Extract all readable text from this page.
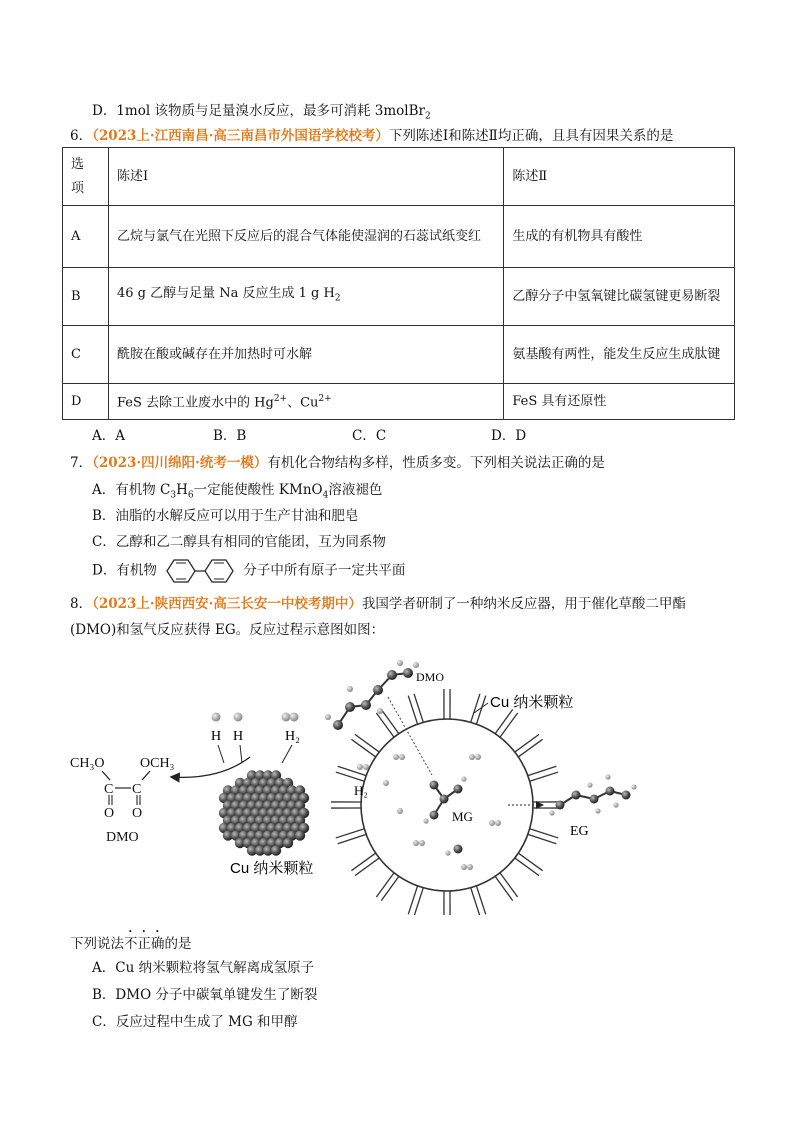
D．1mol 该物质与足量溴水反应，最多可消耗 3molBr$_2$
6．（2023上·江西南昌·高三南昌市外国语学校校考）下列陈述Ⅰ和陈述Ⅱ均正确，且具有因果关系的是
选项	陈述Ⅰ	陈述Ⅱ
A	乙烷与氯气在光照下反应后的混合气体能使湿润的石蕊试纸变红	生成的有机物具有酸性
B	46 g 乙醇与足量 Na 反应生成 1 g $H_2$	乙醇分子中氢氧键比碳氢键更易断裂
C	酰胺在酸或碱存在并加热时可水解	氨基酸有两性，能发生反应生成肽键
D	FeS 去除工业废水中的 $Hg^{2+}$、$Cu^{2+}$	FeS 具有还原性
A．A	B．B	C．C	D．D
7．（2023·四川绵阳·统考一模）有机化合物结构多样，性质多变。下列相关说法正确的是
A．有机物 $C_3H_6$一定能使酸性 KMnO$_4$溶液褪色
B．油脂的水解反应可以用于生产甘油和肥皂
C．乙醇和乙二醇具有相同的官能团，互为同系物
D．有机物	分子中所有原子一定共平面
8．（2023上·陕西西安·高三长安一中校考期中）我国学者研制了一种纳米反应器，用于催化草酸二甲酯
(DMO)和氢气反应获得 EG。反应过程示意图如图：
CH₃O	OCH₃
C C
O O
DMO
H H	H₂
Cu 纳米颗粒
DMO
Cu 纳米颗粒
H₂
MG
EG
下列说法不正确的是
A．Cu 纳米颗粒将氢气解离成氢原子
B．DMO 分子中碳氧单键发生了断裂
C．反应过程中生成了 MG 和甲醇
